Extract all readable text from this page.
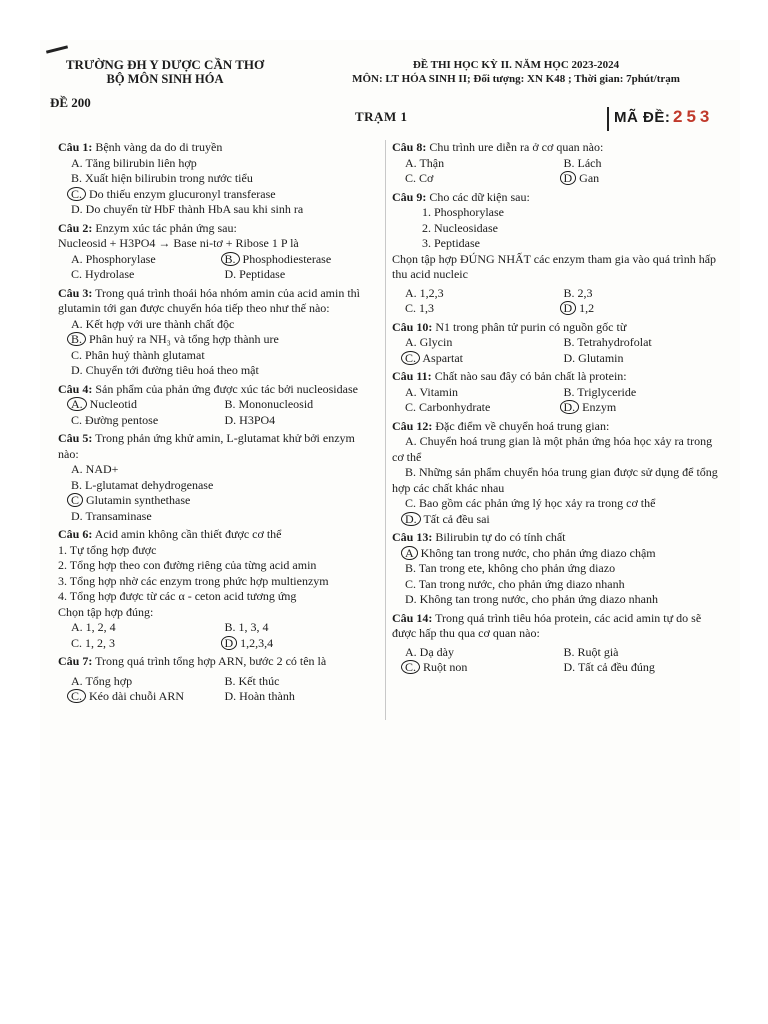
TRƯỜNG ĐH Y DƯỢC CẦN THƠ
BỘ MÔN SINH HÓA
ĐỀ THI HỌC KỲ II. NĂM HỌC 2023-2024
MÔN: LT HÓA SINH II; Đối tượng: XN K48 ; Thời gian: 7phút/trạm
ĐỀ 200
TRẠM 1	MÃ ĐỀ: 253
Câu 1: Bệnh vàng da do di truyền
A. Tăng bilirubin liên hợp
B. Xuất hiện bilirubin trong nước tiểu
C. Do thiếu enzym glucuronyl transferase
D. Do chuyển từ HbF thành HbA sau khi sinh ra
Câu 2: Enzym xúc tác phản ứng sau:
Nucleosid + H3PO4 → Base ni-tơ + Ribose 1 P là
A. Phosphorylase	B. Phosphodiesterase
C. Hydrolase	D. Peptidase
Câu 3: Trong quá trình thoái hóa nhóm amin của acid amin thì glutamin tới gan được chuyển hóa tiếp theo như thế nào:
A. Kết hợp với ure thành chất độc
B. Phân huỷ ra NH₃ và tổng hợp thành ure
C. Phân huỷ thành glutamat
D. Chuyển tới đường tiêu hoá theo mật
Câu 4: Sản phẩm của phản ứng được xúc tác bởi nucleosidase
A. Nucleotid	B. Mononucleosid
C. Đường pentose	D. H3PO4
Câu 5: Trong phản ứng khử amin, L-glutamat khử bởi enzym nào:
A. NAD+
B. L-glutamat dehydrogenase
C Glutamin synthethase
D. Transaminase
Câu 6: Acid amin không cần thiết được cơ thể
1. Tự tổng hợp được
2. Tổng hợp theo con đường riêng của từng acid amin
3. Tổng hợp nhờ các enzym trong phức hợp multienzym
4. Tổng hợp được từ các α - ceton acid tương ứng
Chọn tập hợp đúng:
A. 1, 2, 4	B. 1, 3, 4
C. 1, 2, 3	D 1,2,3,4
Câu 7: Trong quá trình tổng hợp ARN, bước 2 có tên là
A. Tổng hợp	B. Kết thúc
C. Kéo dài chuỗi ARN	D. Hoàn thành
Câu 8: Chu trình ure diễn ra ở cơ quan nào:
A. Thận	B. Lách
C. Cơ	D Gan
Câu 9: Cho các dữ kiện sau:
1. Phosphorylase
2. Nucleosidase
3. Peptidase
Chọn tập hợp ĐÚNG NHẤT các enzym tham gia vào quá trình hấp thu acid nucleic
A. 1,2,3	B. 2,3
C. 1,3	D 1,2
Câu 10: N1 trong phân tử purin có nguồn gốc từ
A. Glycin	B. Tetrahydrofolat
C. Aspartat	D. Glutamin
Câu 11: Chất nào sau đây có bản chất là protein:
A. Vitamin	B. Triglyceride
C. Carbonhydrate	D. Enzym
Câu 12: Đặc điểm về chuyển hoá trung gian:
A. Chuyển hoá trung gian là một phản ứng hóa học xảy ra trong cơ thể
B. Những sản phẩm chuyển hóa trung gian được sử dụng để tổng hợp các chất khác nhau
C. Bao gồm các phản ứng lý học xảy ra trong cơ thể
D. Tất cả đều sai
Câu 13: Bilirubin tự do có tính chất
A Không tan trong nước, cho phản ứng diazo chậm
B. Tan trong ete, không cho phản ứng diazo
C. Tan trong nước, cho phản ứng diazo nhanh
D. Không tan trong nước, cho phản ứng diazo nhanh
Câu 14: Trong quá trình tiêu hóa protein, các acid amin tự do sẽ được hấp thu qua cơ quan nào:
A. Dạ dày	B. Ruột già
C. Ruột non	D. Tất cả đều đúng
